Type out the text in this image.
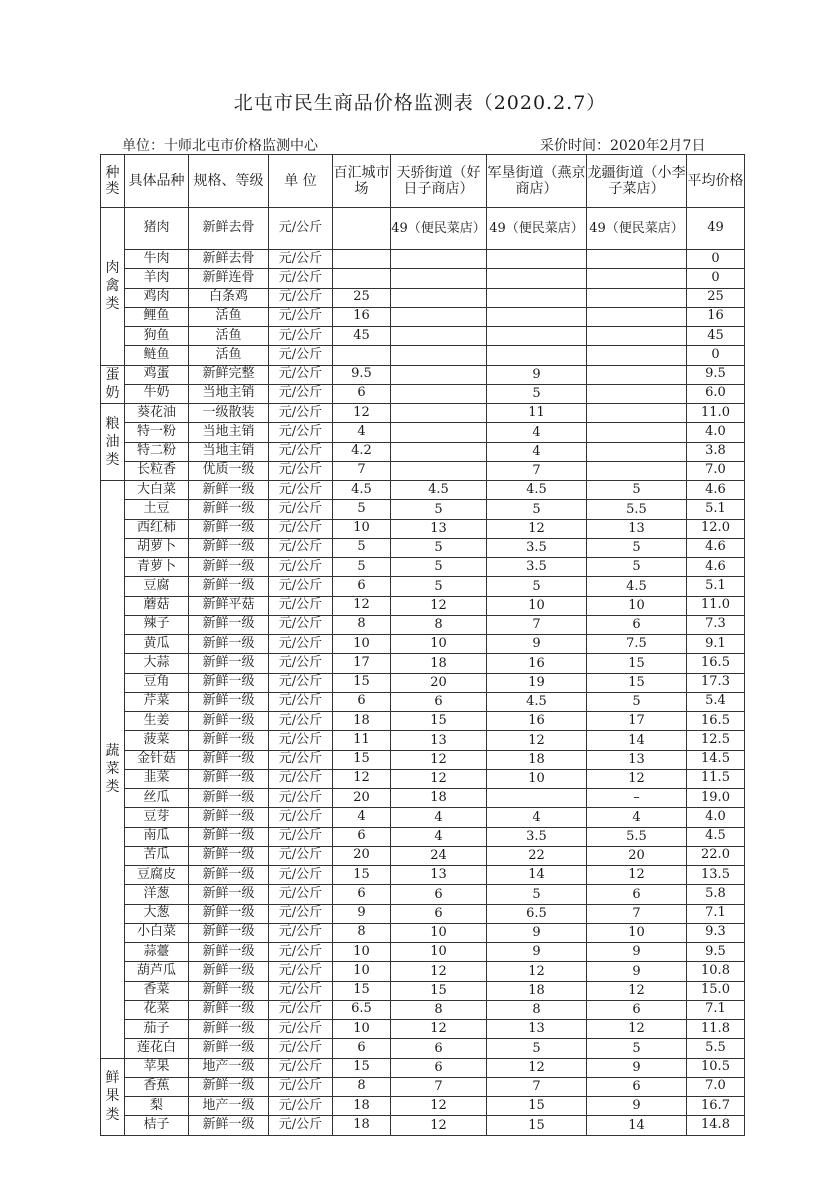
北屯市民生商品价格监测表（2020.2.7）
单位：十师北屯市价格监测中心	采价时间：2020年2月7日
种类	具体品种	规格、等级	单 位	百汇城市场	天骄街道（好日子商店）	军垦街道（燕京商店）	龙疆街道（小李子菜店）	平均价格
肉禽类	猪肉	新鲜去骨	元/公斤		49（便民菜店）	49（便民菜店）	49（便民菜店）	49
	牛肉	新鲜去骨	元/公斤					0
	羊肉	新鲜连骨	元/公斤					0
	鸡肉	白条鸡	元/公斤	25				25
	鲤鱼	活鱼	元/公斤	16				16
	狗鱼	活鱼	元/公斤	45				45
	鲢鱼	活鱼	元/公斤					0
蛋奶	鸡蛋	新鲜完整	元/公斤	9.5		9		9.5
	牛奶	当地主销	元/公斤	6		5		6.0
粮油类	葵花油	一级散装	元/公斤	12		11		11.0
	特一粉	当地主销	元/公斤	4		4		4.0
	特二粉	当地主销	元/公斤	4.2		4		3.8
	长粒香	优质一级	元/公斤	7		7		7.0
蔬菜类	大白菜	新鲜一级	元/公斤	4.5	4.5	4.5	5	4.6
	土豆	新鲜一级	元/公斤	5	5	5	5.5	5.1
	西红柿	新鲜一级	元/公斤	10	13	12	13	12.0
	胡萝卜	新鲜一级	元/公斤	5	5	3.5	5	4.6
	青萝卜	新鲜一级	元/公斤	5	5	3.5	5	4.6
	豆腐	新鲜一级	元/公斤	6	5	5	4.5	5.1
	蘑菇	新鲜平菇	元/公斤	12	12	10	10	11.0
	辣子	新鲜一级	元/公斤	8	8	7	6	7.3
	黄瓜	新鲜一级	元/公斤	10	10	9	7.5	9.1
	大蒜	新鲜一级	元/公斤	17	18	16	15	16.5
	豆角	新鲜一级	元/公斤	15	20	19	15	17.3
	芹菜	新鲜一级	元/公斤	6	6	4.5	5	5.4
	生姜	新鲜一级	元/公斤	18	15	16	17	16.5
	菠菜	新鲜一级	元/公斤	11	13	12	14	12.5
	金针菇	新鲜一级	元/公斤	15	12	18	13	14.5
	韭菜	新鲜一级	元/公斤	12	12	10	12	11.5
	丝瓜	新鲜一级	元/公斤	20	18		–	19.0
	豆芽	新鲜一级	元/公斤	4	4	4	4	4.0
	南瓜	新鲜一级	元/公斤	6	4	3.5	5.5	4.5
	苦瓜	新鲜一级	元/公斤	20	24	22	20	22.0
	豆腐皮	新鲜一级	元/公斤	15	13	14	12	13.5
	洋葱	新鲜一级	元/公斤	6	6	5	6	5.8
	大葱	新鲜一级	元/公斤	9	6	6.5	7	7.1
	小白菜	新鲜一级	元/公斤	8	10	9	10	9.3
	蒜薹	新鲜一级	元/公斤	10	10	9	9	9.5
	葫芦瓜	新鲜一级	元/公斤	10	12	12	9	10.8
	香菜	新鲜一级	元/公斤	15	15	18	12	15.0
	花菜	新鲜一级	元/公斤	6.5	8	8	6	7.1
	茄子	新鲜一级	元/公斤	10	12	13	12	11.8
	莲花白	新鲜一级	元/公斤	6	6	5	5	5.5
鲜果类	苹果	地产一级	元/公斤	15	6	12	9	10.5
	香蕉	新鲜一级	元/公斤	8	7	7	6	7.0
	梨	地产一级	元/公斤	18	12	15	9	16.7
	桔子	新鲜一级	元/公斤	18	12	15	14	14.8
